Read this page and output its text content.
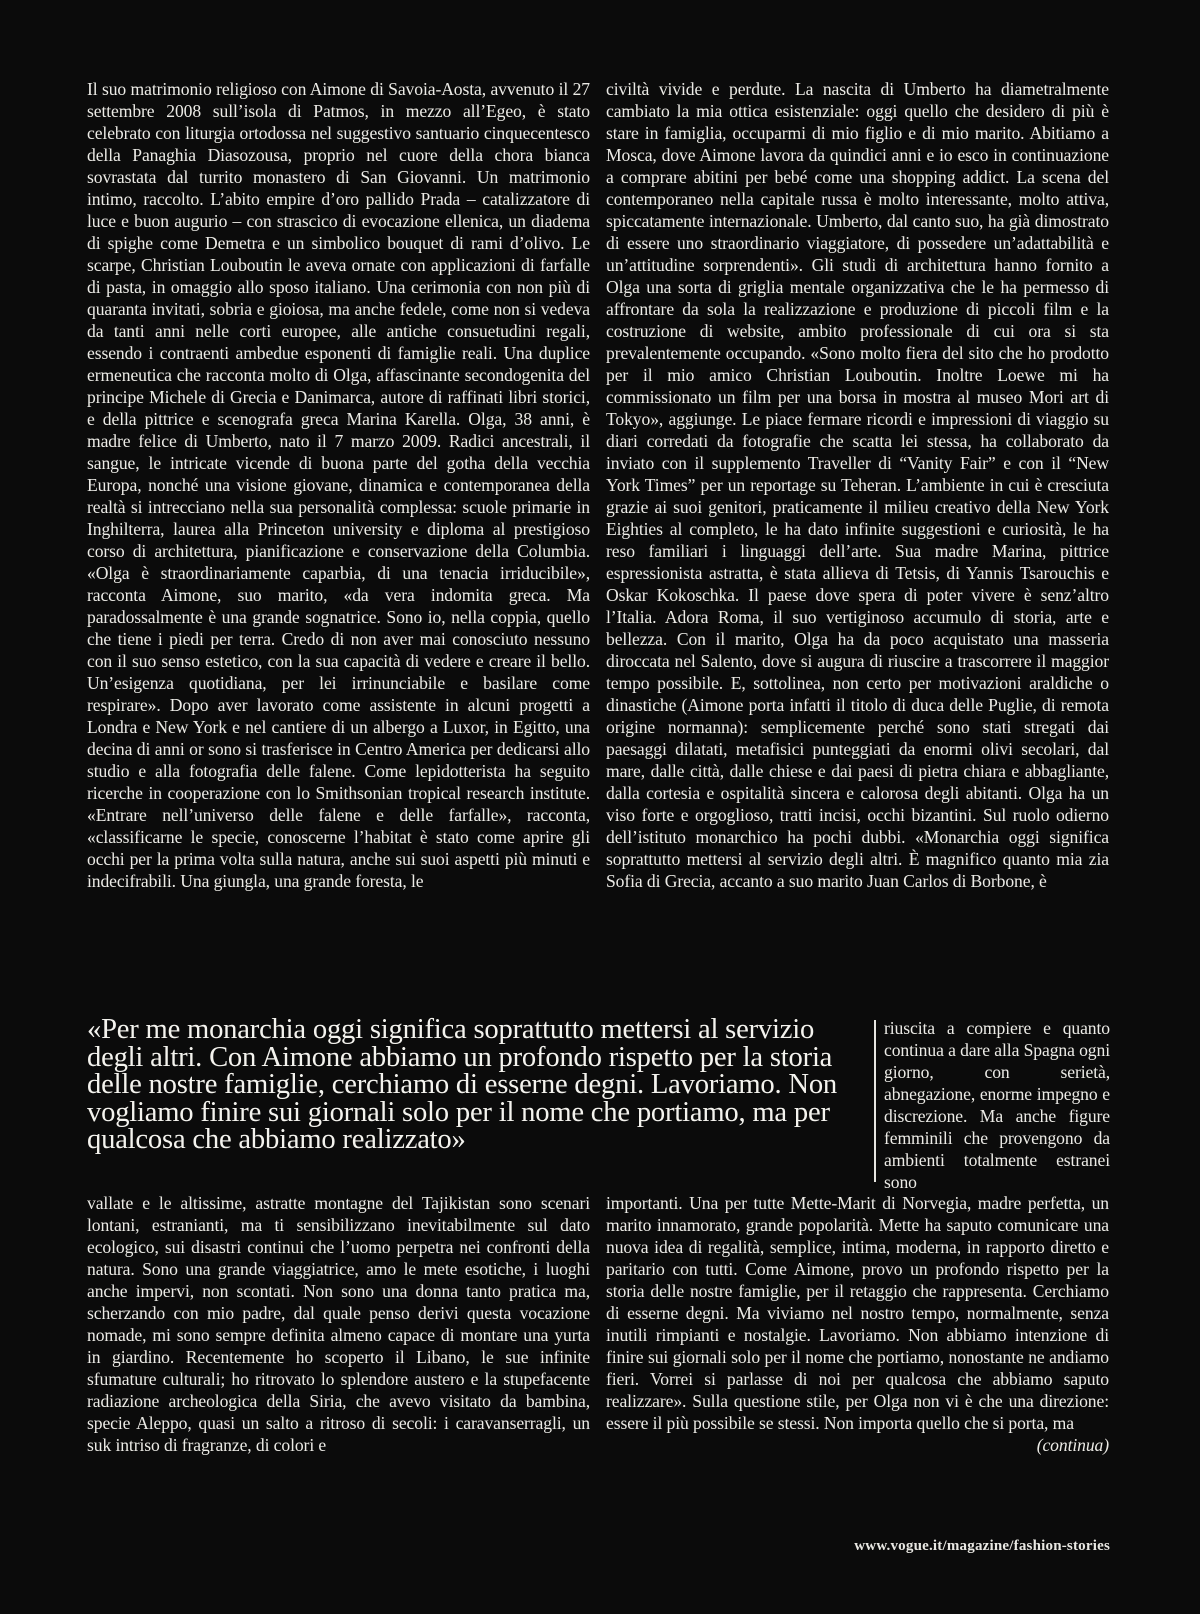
Il suo matrimonio religioso con Aimone di Savoia-Aosta, avvenuto il 27 settembre 2008 sull’isola di Patmos, in mezzo all’Egeo, è stato celebrato con liturgia ortodossa nel suggestivo santuario cinquecentesco della Panaghia Diasozousa, proprio nel cuore della chora bianca sovrastata dal turrito monastero di San Giovanni. Un matrimonio intimo, raccolto. L’abito empire d’oro pallido Prada – catalizzatore di luce e buon augurio – con strascico di evocazione ellenica, un diadema di spighe come Demetra e un simbolico bouquet di rami d’olivo. Le scarpe, Christian Louboutin le aveva ornate con applicazioni di farfalle di pasta, in omaggio allo sposo italiano. Una cerimonia con non più di quaranta invitati, sobria e gioiosa, ma anche fedele, come non si vedeva da tanti anni nelle corti europee, alle antiche consuetudini regali, essendo i contraenti ambedue esponenti di famiglie reali. Una duplice ermeneutica che racconta molto di Olga, affascinante secondogenita del principe Michele di Grecia e Danimarca, autore di raffinati libri storici, e della pittrice e scenografa greca Marina Karella. Olga, 38 anni, è madre felice di Umberto, nato il 7 marzo 2009. Radici ancestrali, il sangue, le intricate vicende di buona parte del gotha della vecchia Europa, nonché una visione giovane, dinamica e contemporanea della realtà si intrecciano nella sua personalità complessa: scuole primarie in Inghilterra, laurea alla Princeton university e diploma al prestigioso corso di architettura, pianificazione e conservazione della Columbia. «Olga è straordinariamente caparbia, di una tenacia irriducibile», racconta Aimone, suo marito, «da vera indomita greca. Ma paradossalmente è una grande sognatrice. Sono io, nella coppia, quello che tiene i piedi per terra. Credo di non aver mai conosciuto nessuno con il suo senso estetico, con la sua capacità di vedere e creare il bello. Un’esigenza quotidiana, per lei irrinunciabile e basilare come respirare». Dopo aver lavorato come assistente in alcuni progetti a Londra e New York e nel cantiere di un albergo a Luxor, in Egitto, una decina di anni or sono si trasferisce in Centro America per dedicarsi allo studio e alla fotografia delle falene. Come lepidotterista ha seguito ricerche in cooperazione con lo Smithsonian tropical research institute. «Entrare nell’universo delle falene e delle farfalle», racconta, «classificarne le specie, conoscerne l’habitat è stato come aprire gli occhi per la prima volta sulla natura, anche sui suoi aspetti più minuti e indecifrabili. Una giungla, una grande foresta, le

civiltà vivide e perdute. La nascita di Umberto ha diametralmente cambiato la mia ottica esistenziale: oggi quello che desidero di più è stare in famiglia, occuparmi di mio figlio e di mio marito. Abitiamo a Mosca, dove Aimone lavora da quindici anni e io esco in continuazione a comprare abitini per bebé come una shopping addict. La scena del contemporaneo nella capitale russa è molto interessante, molto attiva, spiccatamente internazionale. Umberto, dal canto suo, ha già dimostrato di essere uno straordinario viaggiatore, di possedere un’adattabilità e un’attitudine sorprendenti». Gli studi di architettura hanno fornito a Olga una sorta di griglia mentale organizzativa che le ha permesso di affrontare da sola la realizzazione e produzione di piccoli film e la costruzione di website, ambito professionale di cui ora si sta prevalentemente occupando. «Sono molto fiera del sito che ho prodotto per il mio amico Christian Louboutin. Inoltre Loewe mi ha commissionato un film per una borsa in mostra al museo Mori art di Tokyo», aggiunge. Le piace fermare ricordi e impressioni di viaggio su diari corredati da fotografie che scatta lei stessa, ha collaborato da inviato con il supplemento Traveller di “Vanity Fair” e con il “New York Times” per un reportage su Teheran. L’ambiente in cui è cresciuta grazie ai suoi genitori, praticamente il milieu creativo della New York Eighties al completo, le ha dato infinite suggestioni e curiosità, le ha reso familiari i linguaggi dell’arte. Sua madre Marina, pittrice espressionista astratta, è stata allieva di Tetsis, di Yannis Tsarouchis e Oskar Kokoschka. Il paese dove spera di poter vivere è senz’altro l’Italia. Adora Roma, il suo vertiginoso accumulo di storia, arte e bellezza. Con il marito, Olga ha da poco acquistato una masseria diroccata nel Salento, dove si augura di riuscire a trascorrere il maggior tempo possibile. E, sottolinea, non certo per motivazioni araldiche o dinastiche (Aimone porta infatti il titolo di duca delle Puglie, di remota origine normanna): semplicemente perché sono stati stregati dai paesaggi dilatati, metafisici punteggiati da enormi olivi secolari, dal mare, dalle città, dalle chiese e dai paesi di pietra chiara e abbagliante, dalla cortesia e ospitalità sincera e calorosa degli abitanti. Olga ha un viso forte e orgoglioso, tratti incisi, occhi bizantini. Sul ruolo odierno dell’istituto monarchico ha pochi dubbi. «Monarchia oggi significa soprattutto mettersi al servizio degli altri. È magnifico quanto mia zia Sofia di Grecia, accanto a suo marito Juan Carlos di Borbone, è

«Per me monarchia oggi significa soprattutto mettersi al servizio degli altri. Con Aimone abbiamo un profondo rispetto per la storia delle nostre famiglie, cerchiamo di esserne degni. Lavoriamo. Non vogliamo finire sui giornali solo per il nome che portiamo, ma per qualcosa che abbiamo realizzato»

riuscita a compiere e quanto continua a dare alla Spagna ogni giorno, con serietà, abnegazione, enorme impegno e discrezione. Ma anche figure femminili che provengono da ambienti totalmente estranei sono

vallate e le altissime, astratte montagne del Tajikistan sono scenari lontani, estranianti, ma ti sensibilizzano inevitabilmente sul dato ecologico, sui disastri continui che l’uomo perpetra nei confronti della natura. Sono una grande viaggiatrice, amo le mete esotiche, i luoghi anche impervi, non scontati. Non sono una donna tanto pratica ma, scherzando con mio padre, dal quale penso derivi questa vocazione nomade, mi sono sempre definita almeno capace di montare una yurta in giardino. Recentemente ho scoperto il Libano, le sue infinite sfumature culturali; ho ritrovato lo splendore austero e la stupefacente radiazione archeologica della Siria, che avevo visitato da bambina, specie Aleppo, quasi un salto a ritroso di secoli: i caravanserragli, un suk intriso di fragranze, di colori e

importanti. Una per tutte Mette-Marit di Norvegia, madre perfetta, un marito innamorato, grande popolarità. Mette ha saputo comunicare una nuova idea di regalità, semplice, intima, moderna, in rapporto diretto e paritario con tutti. Come Aimone, provo un profondo rispetto per la storia delle nostre famiglie, per il retaggio che rappresenta. Cerchiamo di esserne degni. Ma viviamo nel nostro tempo, normalmente, senza inutili rimpianti e nostalgie. Lavoriamo. Non abbiamo intenzione di finire sui giornali solo per il nome che portiamo, nonostante ne andiamo fieri. Vorrei si parlasse di noi per qualcosa che abbiamo saputo realizzare». Sulla questione stile, per Olga non vi è che una direzione: essere il più possibile se stessi. Non importa quello che si porta, ma
(continua)

www.vogue.it/magazine/fashion-stories
